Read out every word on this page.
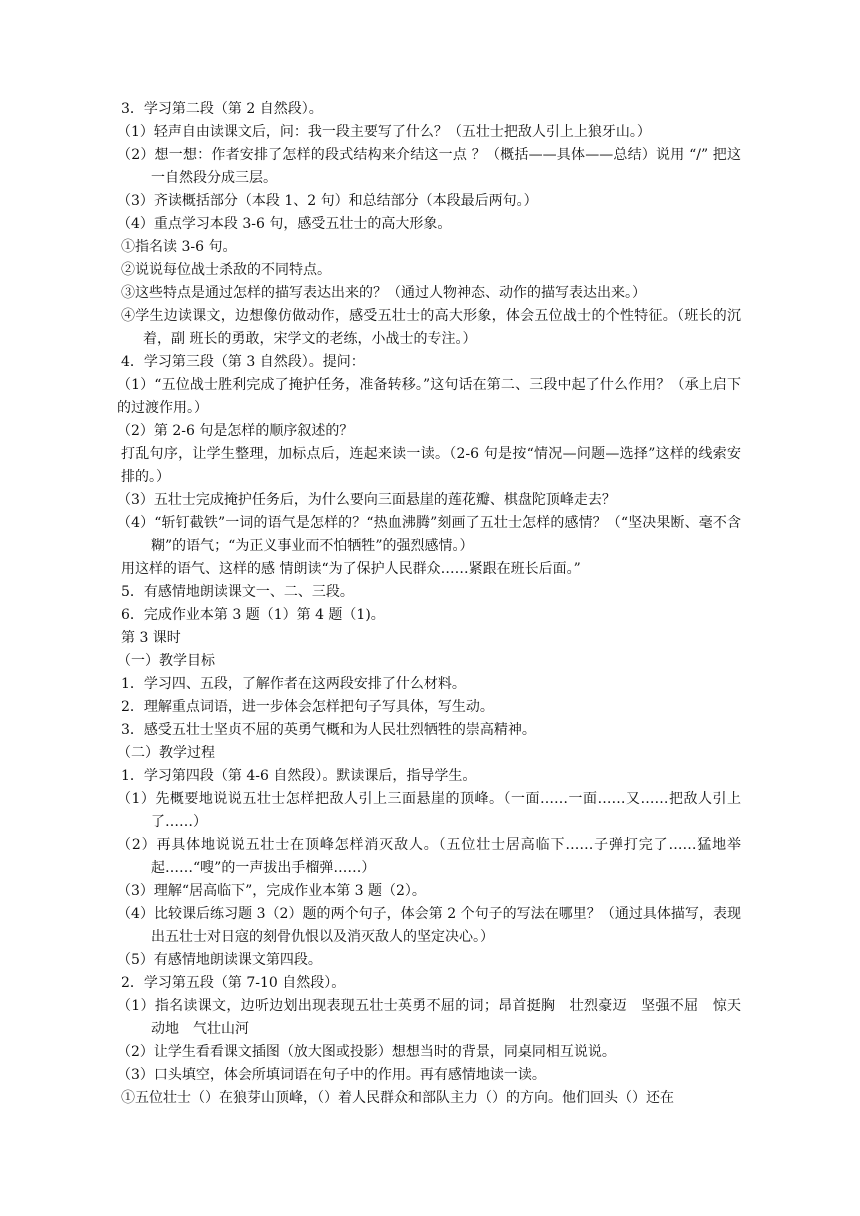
3．学习第二段（第 2 自然段）。

（1）轻声自由读课文后，问：我一段主要写了什么？（五壮士把敌人引上上狼牙山。）

（2）想一想：作者安排了怎样的段式结构来介结这一点 ？（概括——具体——总结）说用 “/” 把这一自然段分成三层。

（3）齐读概括部分（本段 1、2 句）和总结部分（本段最后两句。）

（4）重点学习本段 3-6 句，感受五壮士的高大形象。

①指名读 3-6 句。

②说说每位战士杀敌的不同特点。

③这些特点是通过怎样的描写表达出来的？（通过人物神态、动作的描写表达出来。）

④学生边读课文，边想像仿做动作，感受五壮士的高大形象，体会五位战士的个性特征。（班长的沉着，副 班长的勇敢，宋学文的老练，小战士的专注。）

4．学习第三段（第 3 自然段）。提问：

（1）“五位战士胜利完成了掩护任务，准备转移。”这句话在第二、三段中起了什么作用？（承上启下的过渡作用。）

（2）第 2-6 句是怎样的顺序叙述的？

打乱句序，让学生整理，加标点后，连起来读一读。（2-6 句是按“情况—问题—选择”这样的线索安排的。）

（3）五壮士完成掩护任务后，为什么要向三面悬崖的莲花瓣、棋盘陀顶峰走去？

（4）“斩钉截铁”一词的语气是怎样的？“热血沸腾”刻画了五壮士怎样的感情？（“坚决果断、毫不含糊”的语气；“为正义事业而不怕牺牲”的强烈感情。）

用这样的语气、这样的感 情朗读“为了保护人民群众……紧跟在班长后面。”

5．有感情地朗读课文一、二、三段。

6．完成作业本第 3 题（1）第 4 题（1)。

第 3 课时

（一）教学目标

1．学习四、五段，了解作者在这两段安排了什么材料。

2．理解重点词语，进一步体会怎样把句子写具体，写生动。

3．感受五壮士坚贞不屈的英勇气概和为人民壮烈牺牲的崇高精神。

（二）教学过程

1．学习第四段（第 4-6 自然段）。默读课后，指导学生。

（1）先概要地说说五壮士怎样把敌人引上三面悬崖的顶峰。（一面……一面……又……把敌人引上了……）

（2）再具体地说说五壮士在顶峰怎样消灭敌人。（五位壮士居高临下……子弹打完了……猛地举起……“嗖”的一声拔出手榴弹……）

（3）理解“居高临下”，完成作业本第 3 题（2）。

（4）比较课后练习题 3（2）题的两个句子，体会第 2 个句子的写法在哪里？（通过具体描写，表现出五壮士对日寇的刻骨仇恨以及消灭敌人的坚定决心。）

（5）有感情地朗读课文第四段。

2．学习第五段（第 7-10 自然段）。

（1）指名读课文，边听边划出现表现五壮士英勇不屈的词；昂首挺胸　壮烈豪迈　坚强不屈　惊天动地　气壮山河

（2）让学生看看课文插图（放大图或投影）想想当时的背景，同桌同相互说说。

（3）口头填空，体会所填词语在句子中的作用。再有感情地读一读。

①五位壮士（）在狼芽山顶峰，（）着人民群众和部队主力（）的方向。他们回头（）还在
